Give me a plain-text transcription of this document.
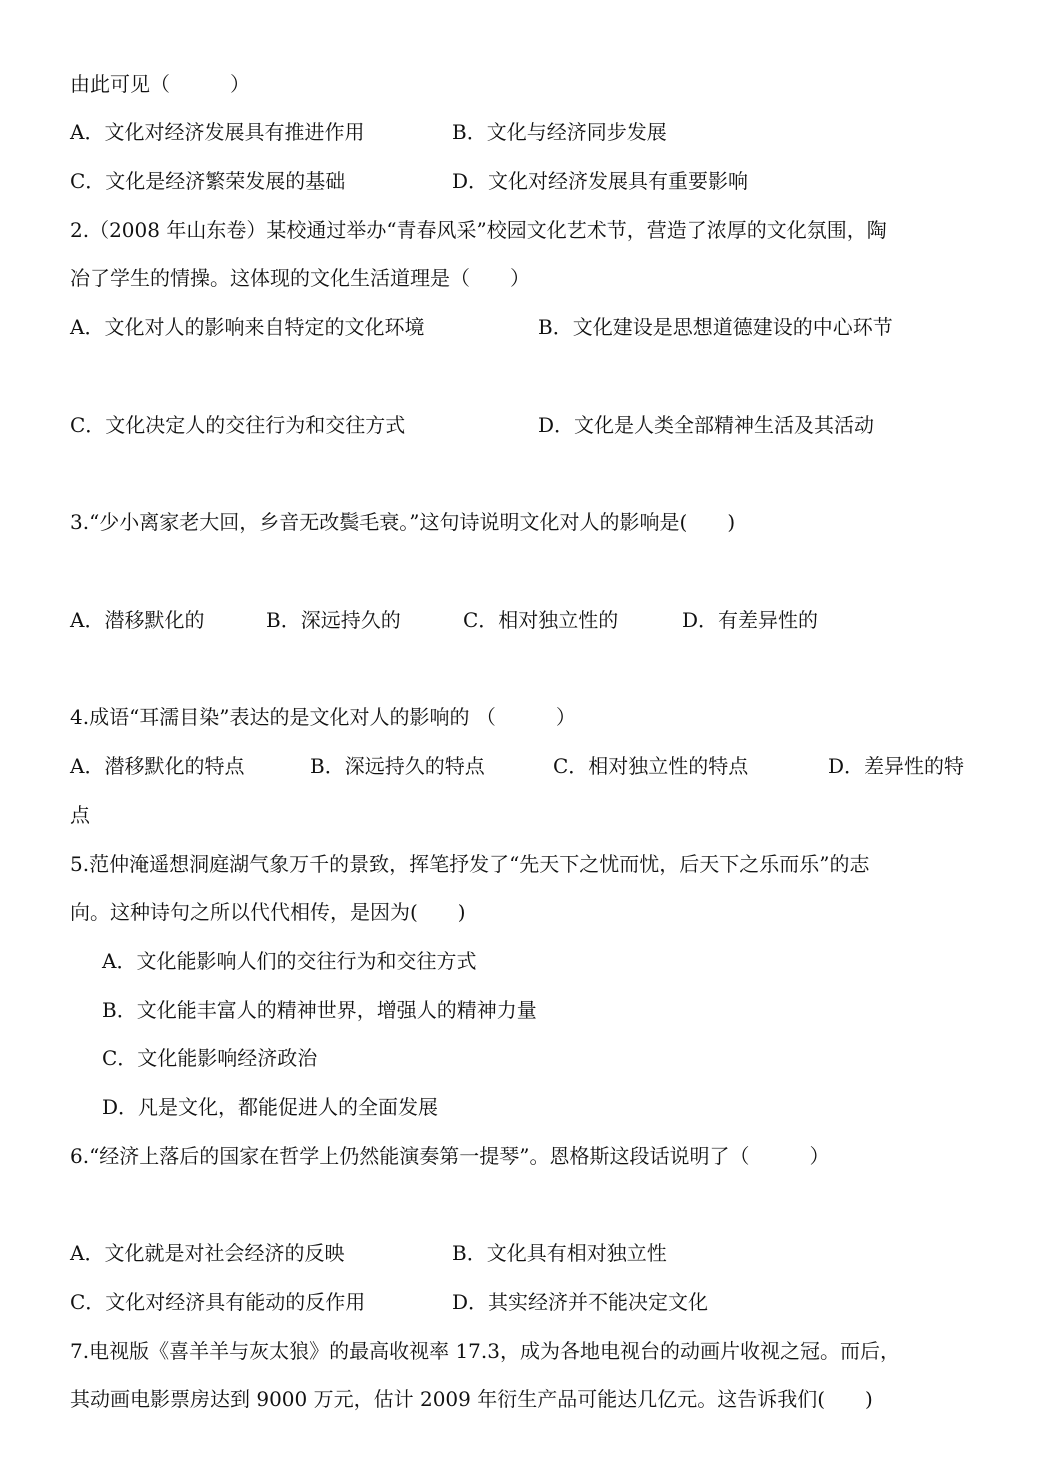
由此可见（　　　）
A．文化对经济发展具有推进作用	B．文化与经济同步发展
C．文化是经济繁荣发展的基础	D．文化对经济发展具有重要影响
2.（2008 年山东卷）某校通过举办“青春风采”校园文化艺术节，营造了浓厚的文化氛围，陶
冶了学生的情操。这体现的文化生活道理是（　　）
A．文化对人的影响来自特定的文化环境	B．文化建设是思想道德建设的中心环节
C．文化决定人的交往行为和交往方式	D．文化是人类全部精神生活及其活动
3.“少小离家老大回，乡音无改鬓毛衰。”这句诗说明文化对人的影响是(　　)
A．潜移默化的	B．深远持久的	C．相对独立性的	D．有差异性的
4.成语“耳濡目染”表达的是文化对人的影响的 （　　　）
A．潜移默化的特点	B．深远持久的特点	C．相对独立性的特点	D．差异性的特
点
5.范仲淹遥想洞庭湖气象万千的景致，挥笔抒发了“先天下之忧而忧，后天下之乐而乐”的志
向。这种诗句之所以代代相传，是因为(　　)
A．文化能影响人们的交往行为和交往方式
B．文化能丰富人的精神世界，增强人的精神力量
C．文化能影响经济政治
D．凡是文化，都能促进人的全面发展
6.“经济上落后的国家在哲学上仍然能演奏第一提琴”。恩格斯这段话说明了（　　　）
A．文化就是对社会经济的反映	B．文化具有相对独立性
C．文化对经济具有能动的反作用	D．其实经济并不能决定文化
7.电视版《喜羊羊与灰太狼》的最高收视率 17.3，成为各地电视台的动画片收视之冠。而后，
其动画电影票房达到 9000 万元，估计 2009 年衍生产品可能达几亿元。这告诉我们(　　)
